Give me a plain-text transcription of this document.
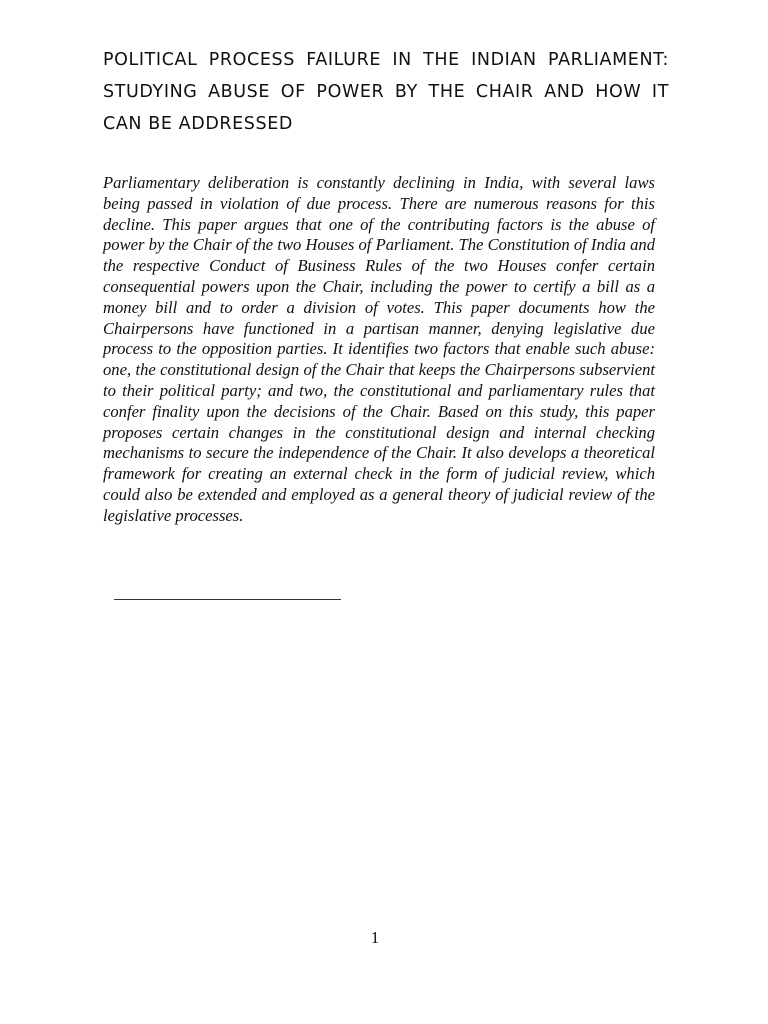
POLITICAL PROCESS FAILURE IN THE INDIAN PARLIAMENT: STUDYING ABUSE OF POWER BY THE CHAIR AND HOW IT CAN BE ADDRESSED

Parliamentary deliberation is constantly declining in India, with several laws being passed in violation of due process. There are numerous reasons for this decline. This paper argues that one of the contributing factors is the abuse of power by the Chair of the two Houses of Parliament. The Constitution of India and the respective Conduct of Business Rules of the two Houses confer certain consequential powers upon the Chair, including the power to certify a bill as a money bill and to order a division of votes. This paper documents how the Chairpersons have functioned in a partisan manner, denying legislative due process to the opposition parties. It identifies two factors that enable such abuse: one, the constitutional design of the Chair that keeps the Chairpersons subservient to their political party; and two, the constitutional and parliamentary rules that confer finality upon the decisions of the Chair. Based on this study, this paper proposes certain changes in the constitutional design and internal checking mechanisms to secure the independence of the Chair. It also develops a theoretical framework for creating an external check in the form of judicial review, which could also be extended and employed as a general theory of judicial review of the legislative processes.

1
